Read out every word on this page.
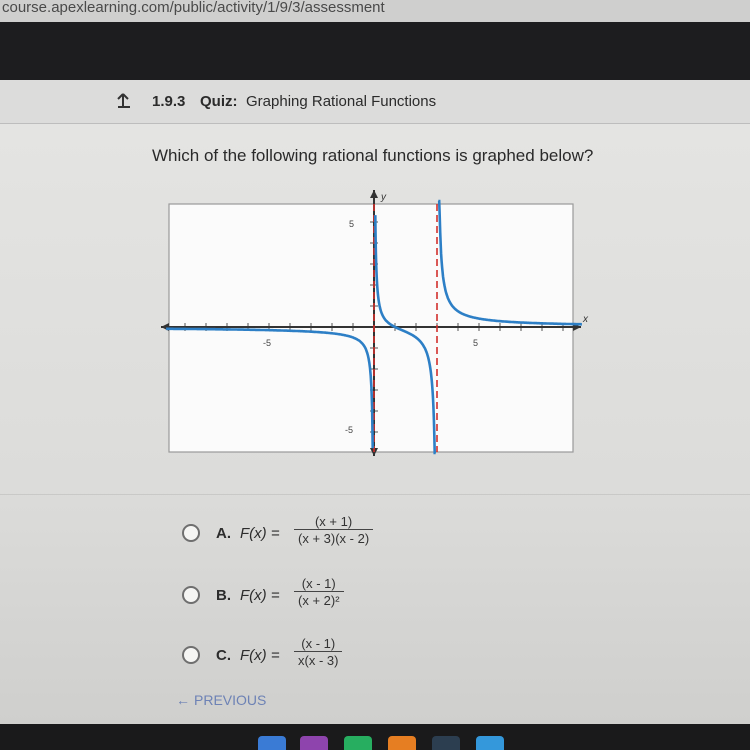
course.apexlearning.com/public/activity/1/9/3/assessment
1.9.3 Quiz: Graphing Rational Functions
Which of the following rational functions is graphed below?
y
x
-5	5
5
-5
A. $F(x) = \frac{(x + 1)}{(x + 3)(x - 2)}$
B. $F(x) = \frac{(x - 1)}{\text{(x + 2)²}}$
C. $F(x) = \frac{(x - 1)}{x(x - 3)}$
← PREVIOUS
